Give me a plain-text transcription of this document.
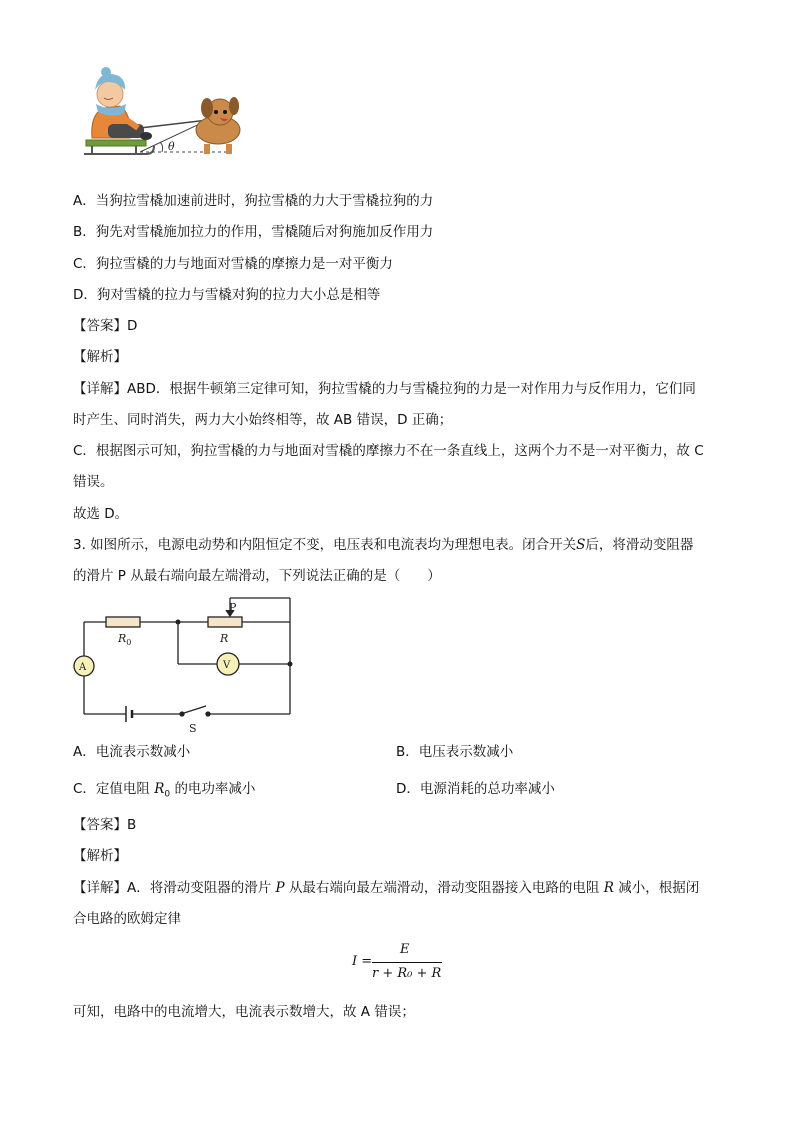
θ
A．当狗拉雪橇加速前进时，狗拉雪橇的力大于雪橇拉狗的力
B．狗先对雪橇施加拉力的作用，雪橇随后对狗施加反作用力
C．狗拉雪橇的力与地面对雪橇的摩擦力是一对平衡力
D．狗对雪橇的拉力与雪橇对狗的拉力大小总是相等
【答案】D
【解析】
【详解】ABD．根据牛顿第三定律可知，狗拉雪橇的力与雪橇拉狗的力是一对作用力与反作用力，它们同
时产生、同时消失，两力大小始终相等，故 AB 错误，D 正确；
C．根据图示可知，狗拉雪橇的力与地面对雪橇的摩擦力不在一条直线上，这两个力不是一对平衡力，故 C
错误。
故选 D。
3. 如图所示，电源电动势和内阻恒定不变，电压表和电流表均为理想电表。闭合开关S后，将滑动变阻器
的滑片 P 从最右端向最左端滑动，下列说法正确的是（　　）
P
$R_0$	R
A	V
S
A．电流表示数减小	B．电压表示数减小
C．定值电阻 $R_0$ 的电功率减小	D．电源消耗的总功率减小
【答案】B
【解析】
【详解】A．将滑动变阻器的滑片 P 从最右端向最左端滑动，滑动变阻器接入电路的电阻 R 减小，根据闭
合电路的欧姆定律
I =
E
r + R₀ + R
可知，电路中的电流增大，电流表示数增大，故 A 错误；
